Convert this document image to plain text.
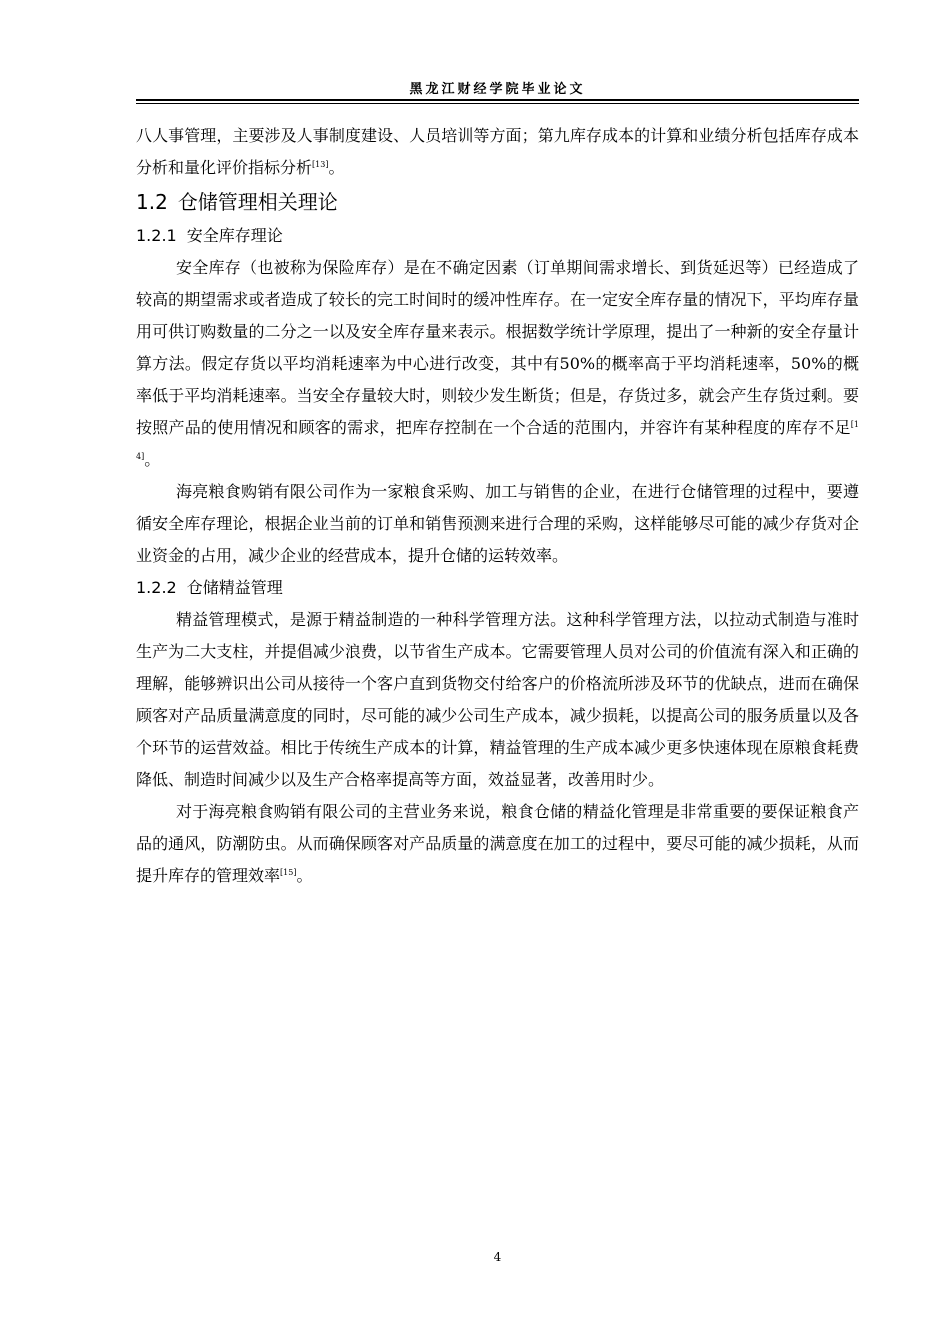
黑龙江财经学院毕业论文

八人事管理，主要涉及人事制度建设、人员培训等方面；第九库存成本的计算和业绩分析包括库存成本分析和量化评价指标分析[13]。

1.2 仓储管理相关理论
1.2.1 安全库存理论

安全库存（也被称为保险库存）是在不确定因素（订单期间需求增长、到货延迟等）已经造成了较高的期望需求或者造成了较长的完工时间时的缓冲性库存。在一定安全库存量的情况下，平均库存量用可供订购数量的二分之一以及安全库存量来表示。根据数学统计学原理，提出了一种新的安全存量计算方法。假定存货以平均消耗速率为中心进行改变，其中有50%的概率高于平均消耗速率，50%的概率低于平均消耗速率。当安全存量较大时，则较少发生断货；但是，存货过多，就会产生存货过剩。要按照产品的使用情况和顾客的需求，把库存控制在一个合适的范围内，并容许有某种程度的库存不足[14]。

海亮粮食购销有限公司作为一家粮食采购、加工与销售的企业，在进行仓储管理的过程中，要遵循安全库存理论，根据企业当前的订单和销售预测来进行合理的采购，这样能够尽可能的减少存货对企业资金的占用，减少企业的经营成本，提升仓储的运转效率。

1.2.2 仓储精益管理

精益管理模式，是源于精益制造的一种科学管理方法。这种科学管理方法，以拉动式制造与准时生产为二大支柱，并提倡减少浪费，以节省生产成本。它需要管理人员对公司的价值流有深入和正确的理解，能够辨识出公司从接待一个客户直到货物交付给客户的价格流所涉及环节的优缺点，进而在确保顾客对产品质量满意度的同时，尽可能的减少公司生产成本，减少损耗，以提高公司的服务质量以及各个环节的运营效益。相比于传统生产成本的计算，精益管理的生产成本减少更多快速体现在原粮食耗费降低、制造时间减少以及生产合格率提高等方面，效益显著，改善用时少。

对于海亮粮食购销有限公司的主营业务来说，粮食仓储的精益化管理是非常重要的要保证粮食产品的通风，防潮防虫。从而确保顾客对产品质量的满意度在加工的过程中，要尽可能的减少损耗，从而提升库存的管理效率[15]。

4
